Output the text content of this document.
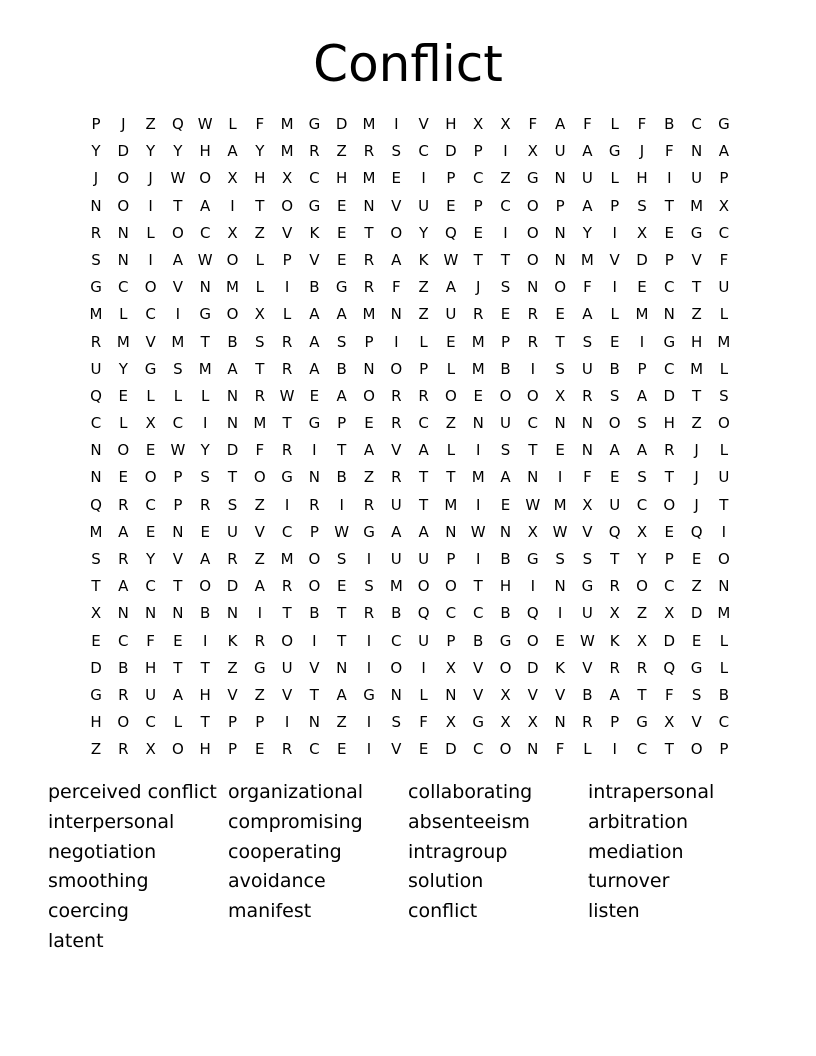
Conflict
P	J	Z	Q W	L	F	M G D M	I	V	H	X	X	F	A	F	L	F	B	C	G
Y	D	Y	Y	H	A	Y	M	R	Z	R	S	C	D	P	I	X	U	A	G	J	F	N	A
J	O	J	W O	X	H	X	C	H M	E	I	P	C	Z	G N	U	L	H	I	U	P
N O	I	T	A	I	T	O G	E	N	V	U	E	P	C	O	P	A	P	S	T	M	X
R	N	L	O	C	X	Z	V	K	E	T	O	Y	Q	E	I	O N	Y	I	X	E	G	C
S	N	I	A W O	L	P	V	E	R	A	K W	T	T	O N M	V	D	P	V	F
G	C	O	V	N M	L	I	B	G	R	F	Z	A	J	S	N O	F	I	E	C	T	U
M	L	C	I	G O	X	L	A	A	M N	Z	U	R	E	R	E	A	L	M N	Z	L
R	M	V	M	T	B	S	R	A	S	P	I	L	E	M	P	R	T	S	E	I	G H M
U	Y	G	S	M	A	T	R	A	B	N O	P	L	M	B	I	S	U	B	P	C	M	L
Q	E	L	L	L	N	R W	E	A	O	R	R	O	E	O O	X	R	S	A	D	T	S
C	L	X	C	I	N M	T	G	P	E	R	C	Z	N	U	C	N N O	S	H	Z	O
N O	E	W	Y	D	F	R	I	T	A	V	A	L	I	S	T	E	N	A	A	R	J	L
N	E	O	P	S	T	O G N	B	Z	R	T	T	M	A	N	I	F	E	S	T	J	U
Q	R	C	P	R	S	Z	I	R	I	R	U	T	M	I	E	W M	X	U	C	O	J	T
M	A	E	N	E	U	V	C	P	W G	A	A	N W N	X W V	Q	X	E	Q	I
S	R	Y	V	A	R	Z	M O	S	I	U	U	P	I	B	G	S	S	T	Y	P	E	O
T	A	C	T	O D	A	R	O	E	S	M O O	T	H	I	N G	R	O	C	Z	N
X	N N N	B	N	I	T	B	T	R	B	Q	C	C	B	Q	I	U	X	Z	X	D M
E	C	F	E	I	K	R	O	I	T	I	C	U	P	B	G O	E	W K	X	D	E	L
D	B	H	T	T	Z	G	U	V	N	I	O	I	X	V	O D	K	V	R	R	Q G	L
G	R	U	A	H	V	Z	V	T	A	G N	L	N	V	X	V	V	B	A	T	F	S	B
H O	C	L	T	P	P	I	N	Z	I	S	F	X	G	X	X	N	R	P	G	X	V	C
Z	R	X	O H	P	E	R	C	E	I	V	E	D	C	O N	F	L	I	C	T	O	P
perceived conflict
interpersonal
negotiation
smoothing
coercing
latent
organizational
compromising
cooperating
avoidance
manifest
collaborating
absenteeism
intragroup
solution
conflict
intrapersonal
arbitration
mediation
turnover
listen
